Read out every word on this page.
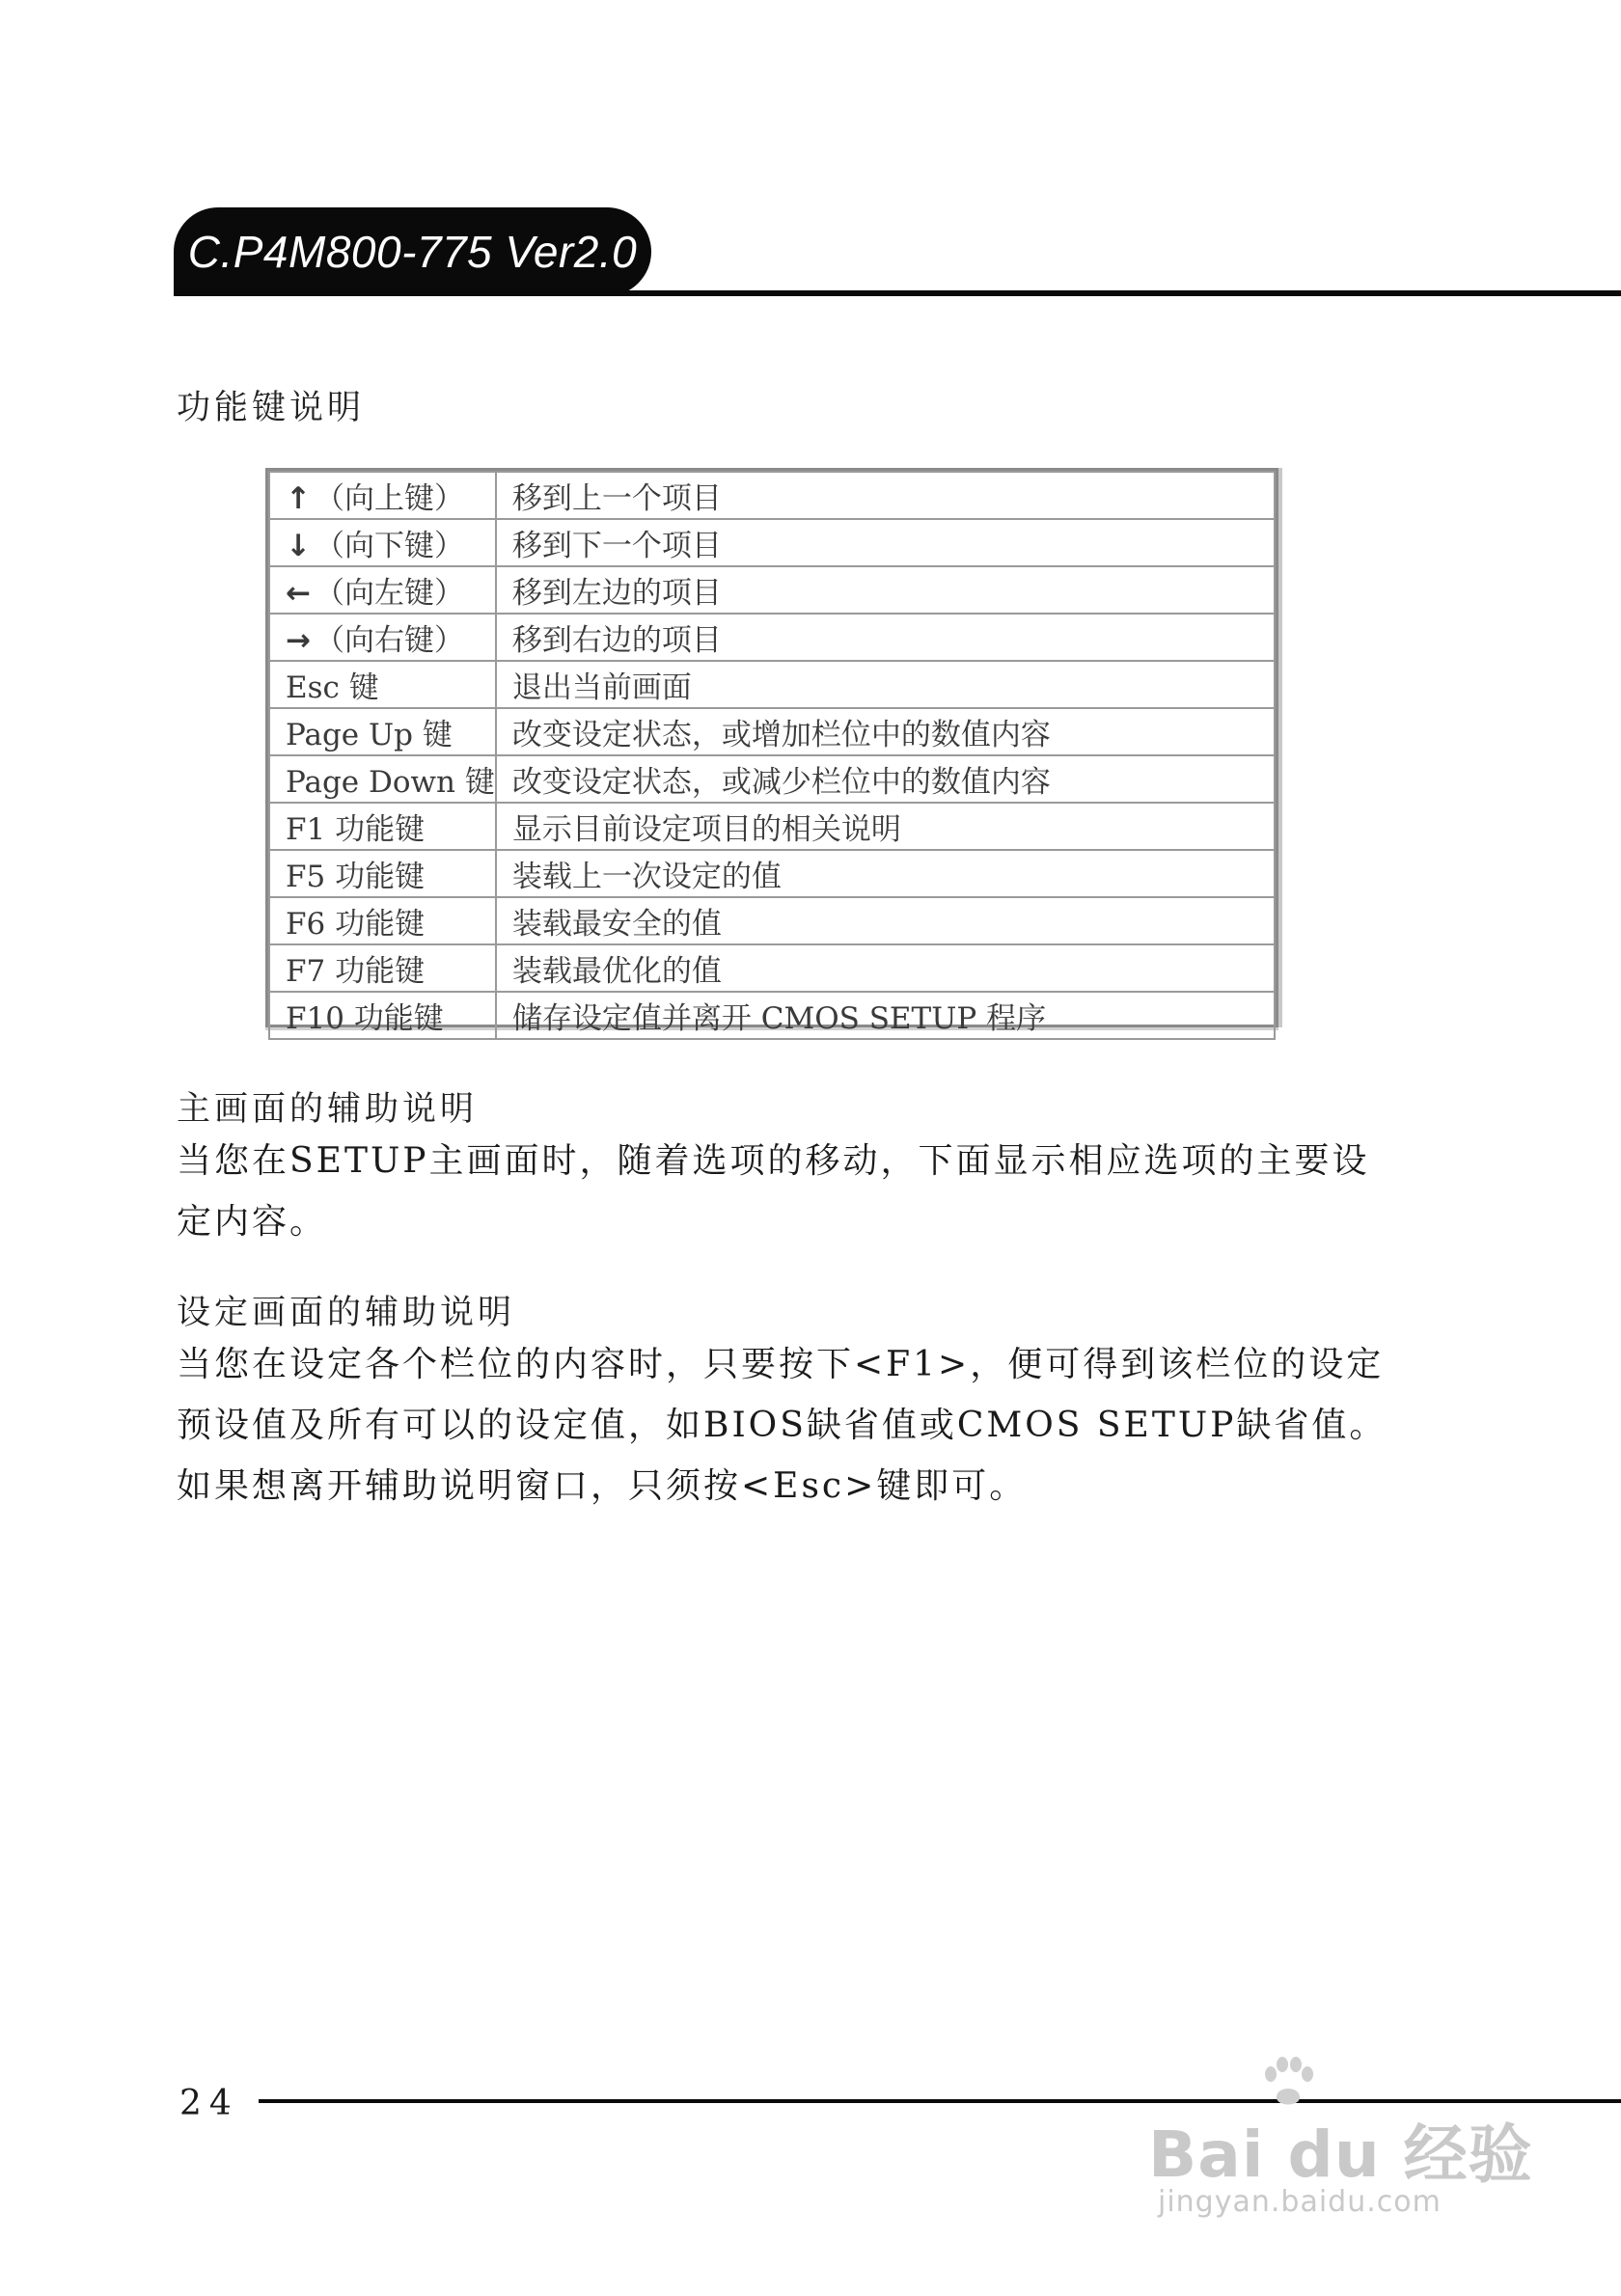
C.P4M800-775 Ver2.0
功能键说明
↑ （向上键）	移到上一个项目
↓ （向下键）	移到下一个项目
← （向左键）	移到左边的项目
→ （向右键）	移到右边的项目
Esc 键	退出当前画面
Page Up 键	改变设定状态，或增加栏位中的数值内容
Page Down 键	改变设定状态，或减少栏位中的数值内容
F1 功能键	显示目前设定项目的相关说明
F5 功能键	装载上一次设定的值
F6 功能键	装载最安全的值
F7 功能键	装载最优化的值
F10 功能键	储存设定值并离开 CMOS SETUP 程序
主画面的辅助说明

当您在SETUP主画面时，随着选项的移动，下面显示相应选项的主要设定内容。

设定画面的辅助说明

当您在设定各个栏位的内容时，只要按下<F1>，便可得到该栏位的设定预设值及所有可以的设定值，如BIOS缺省值或CMOS SETUP缺省值。如果想离开辅助说明窗口，只须按<Esc>键即可。

24
Bai du 经验
jingyan.baidu.com
